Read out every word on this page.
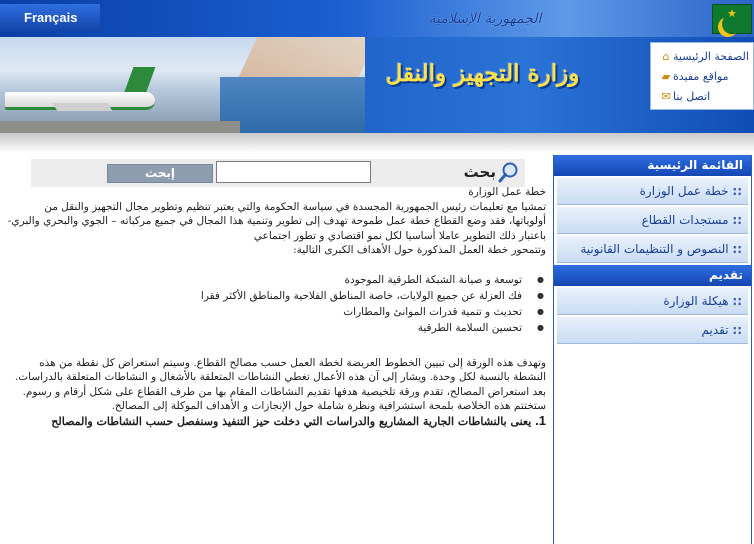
Français	الجمهورية الإسلامية	★
وزارة التجهيز والنقل
⌂ الصفحة الرئيسية
▰ مواقع مفيدة
✉ اتصل بنا
إبحث	بحث	القائمة الرئيسية
:: خطة عمل الوزارة
:: مستجدات القطاع
:: النصوص و التنظيمات القانونية
تقديم
:: هيكلة الوزارة
:: تقديم

خطة عمل الوزارة

تمشيا مع تعليمات رئيس الجمهورية المجسدة في سياسة الحكومة والتي يعتبر تنظيم وتطوير مجال التجهيز والنقل من أولوياتها، فقد وضع القطاع خطة عمل طموحة تهدف إلى تطوير وتنمية هذا المجال في جميع مركباته – الجوي والبحري والبري- باعتبار ذلك التطوير عاملا أساسيا لكل نمو اقتصادي و تطور اجتماعي

وتتمحور خطة العمل المذكورة حول الأهداف الكبرى التالية:

● توسعة و صيانة الشبكة الطرقية الموجودة
● فك العزلة عن جميع الولايات، خاصة المناطق الفلاحية والمناطق الأكثر فقرا
● تحديث و تنمية قدرات الموانئ والمطارات
● تحسين السلامة الطرقية

وتهدف هذه الورقة إلى تبيين الخطوط العريضة لخطة العمل حسب مصالح القطاع. وسيتم استعراض كل نقطة من هذه النشطة بالنسبة لكل وحدة. ويشار إلى آن هذه الأعمال تغطي النشاطات المتعلقة بالأشغال و النشاطات المتعلقة بالدراسات.

بعد استعراض المصالح، تقدم ورقة تلخيصية هدفها تقديم النشاطات المقام بها من طرف القطاع على شكل أرقام و رسوم. ستختتم هذه الخلاصة بلمحة استشرافية ونظرة شاملة حول الإنجازات و الأهداف الموكلة إلى المصالح.

1. يعنى بالنشاطات الجارية المشاريع والدراسات التي دخلت حيز التنفيذ وسنفصل حسب النشاطات والمصالح
